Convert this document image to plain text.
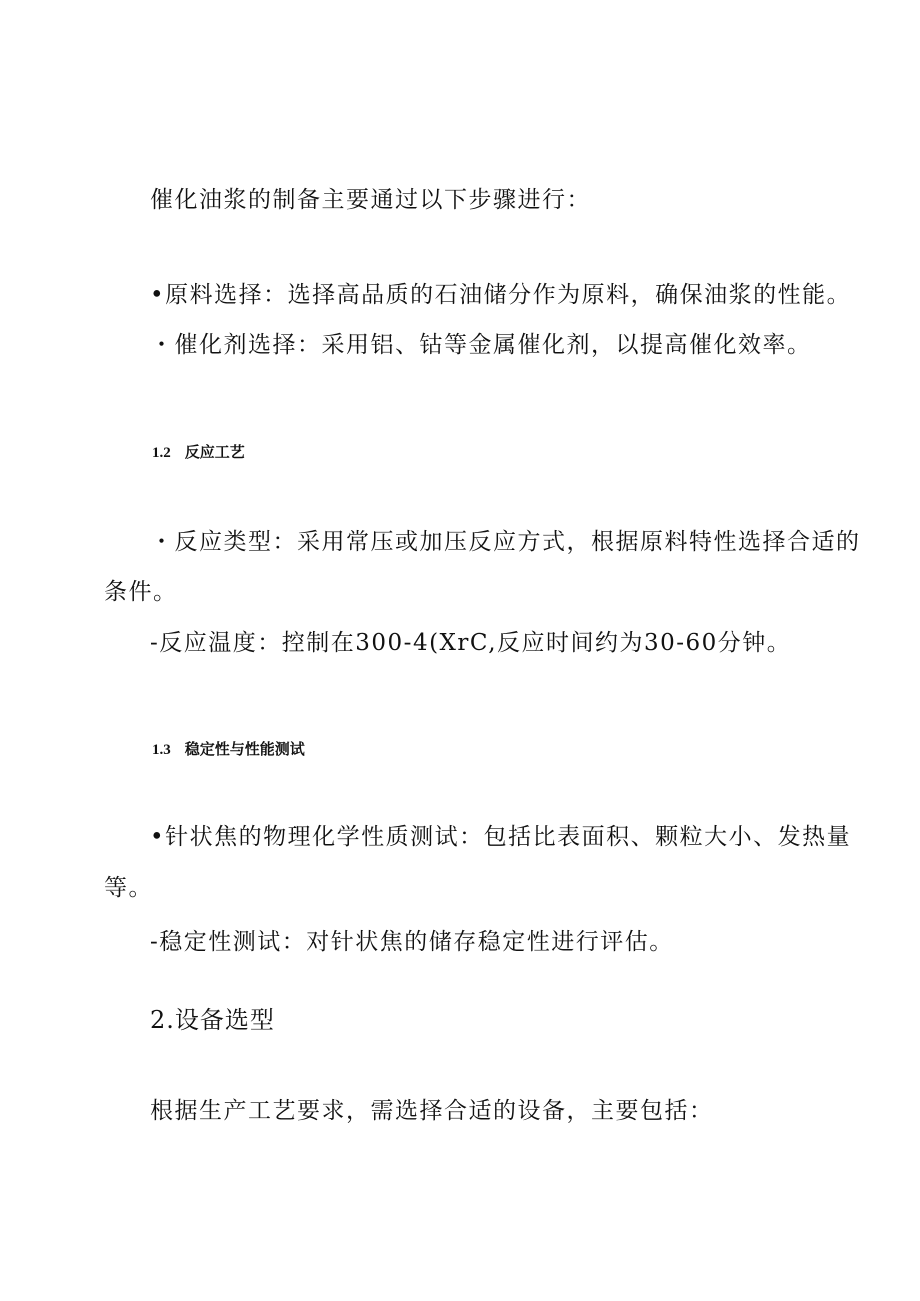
催化油浆的制备主要通过以下步骤进行：

•原料选择：选择高品质的石油储分作为原料，确保油浆的性能。

・催化剂选择：采用铝、钴等金属催化剂，以提高催化效率。

1.2 反应工艺

・反应类型：采用常压或加压反应方式，根据原料特性选择合适的

条件。

-反应温度：控制在300-4(XrC,反应时间约为30-60分钟。

1.3 稳定性与性能测试

•针状焦的物理化学性质测试：包括比表面积、颗粒大小、发热量

等。

-稳定性测试：对针状焦的储存稳定性进行评估。

2.设备选型

根据生产工艺要求，需选择合适的设备，主要包括：
